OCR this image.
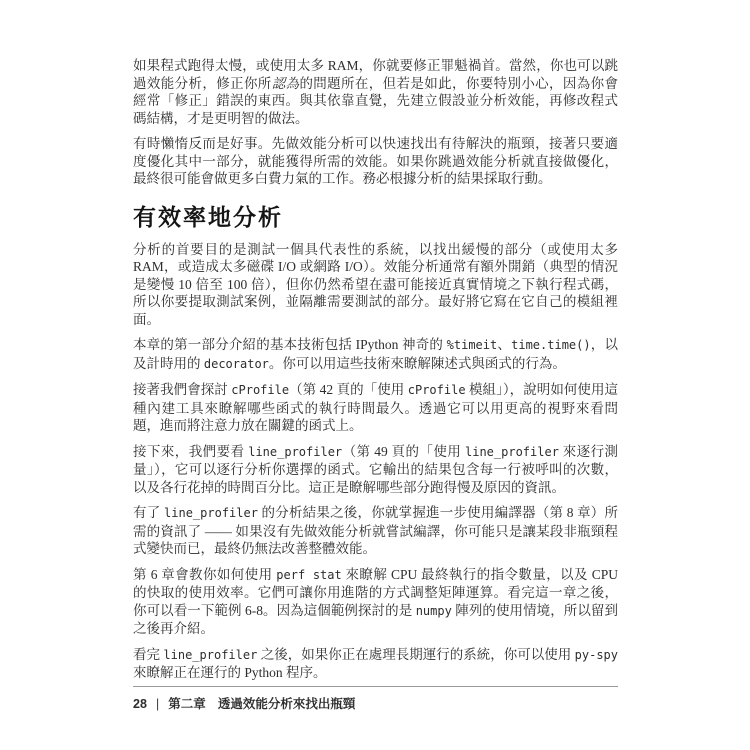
如果程式跑得太慢，或使用太多 RAM，你就要修正罪魁禍首。當然，你也可以跳過效能分析，修正你所認為的問題所在，但若是如此，你要特別小心，因為你會經常「修正」錯誤的東西。與其依靠直覺，先建立假設並分析效能，再修改程式碼結構，才是更明智的做法。

有時懶惰反而是好事。先做效能分析可以快速找出有待解決的瓶頸，接著只要適度優化其中一部分，就能獲得所需的效能。如果你跳過效能分析就直接做優化，最終很可能會做更多白費力氣的工作。務必根據分析的結果採取行動。

有效率地分析

分析的首要目的是測試一個具代表性的系統，以找出緩慢的部分（或使用太多 RAM，或造成太多磁碟 I/O 或網路 I/O）。效能分析通常有額外開銷（典型的情況是變慢 10 倍至 100 倍），但你仍然希望在盡可能接近真實情境之下執行程式碼，所以你要提取測試案例，並隔離需要測試的部分。最好將它寫在它自己的模組裡面。

本章的第一部分介紹的基本技術包括 IPython 神奇的 %timeit、time.time()，以及計時用的 decorator。你可以用這些技術來瞭解陳述式與函式的行為。

接著我們會探討 cProfile（第 42 頁的「使用 cProfile 模組」），說明如何使用這種內建工具來瞭解哪些函式的執行時間最久。透過它可以用更高的視野來看問題，進而將注意力放在關鍵的函式上。

接下來，我們要看 line_profiler（第 49 頁的「使用 line_profiler 來逐行測量」），它可以逐行分析你選擇的函式。它輸出的結果包含每一行被呼叫的次數，以及各行花掉的時間百分比。這正是瞭解哪些部分跑得慢及原因的資訊。

有了 line_profiler 的分析結果之後，你就掌握進一步使用編譯器（第 8 章）所需的資訊了 —— 如果沒有先做效能分析就嘗試編譯，你可能只是讓某段非瓶頸程式變快而已，最終仍無法改善整體效能。

第 6 章會教你如何使用 perf stat 來瞭解 CPU 最終執行的指令數量，以及 CPU 的快取的使用效率。它們可讓你用進階的方式調整矩陣運算。看完這一章之後，你可以看一下範例 6-8。因為這個範例探討的是 numpy 陣列的使用情境，所以留到之後再介紹。

看完 line_profiler 之後，如果你正在處理長期運行的系統，你可以使用 py-spy 來瞭解正在運行的 Python 程序。

28 | 第二章 透過效能分析來找出瓶頸
